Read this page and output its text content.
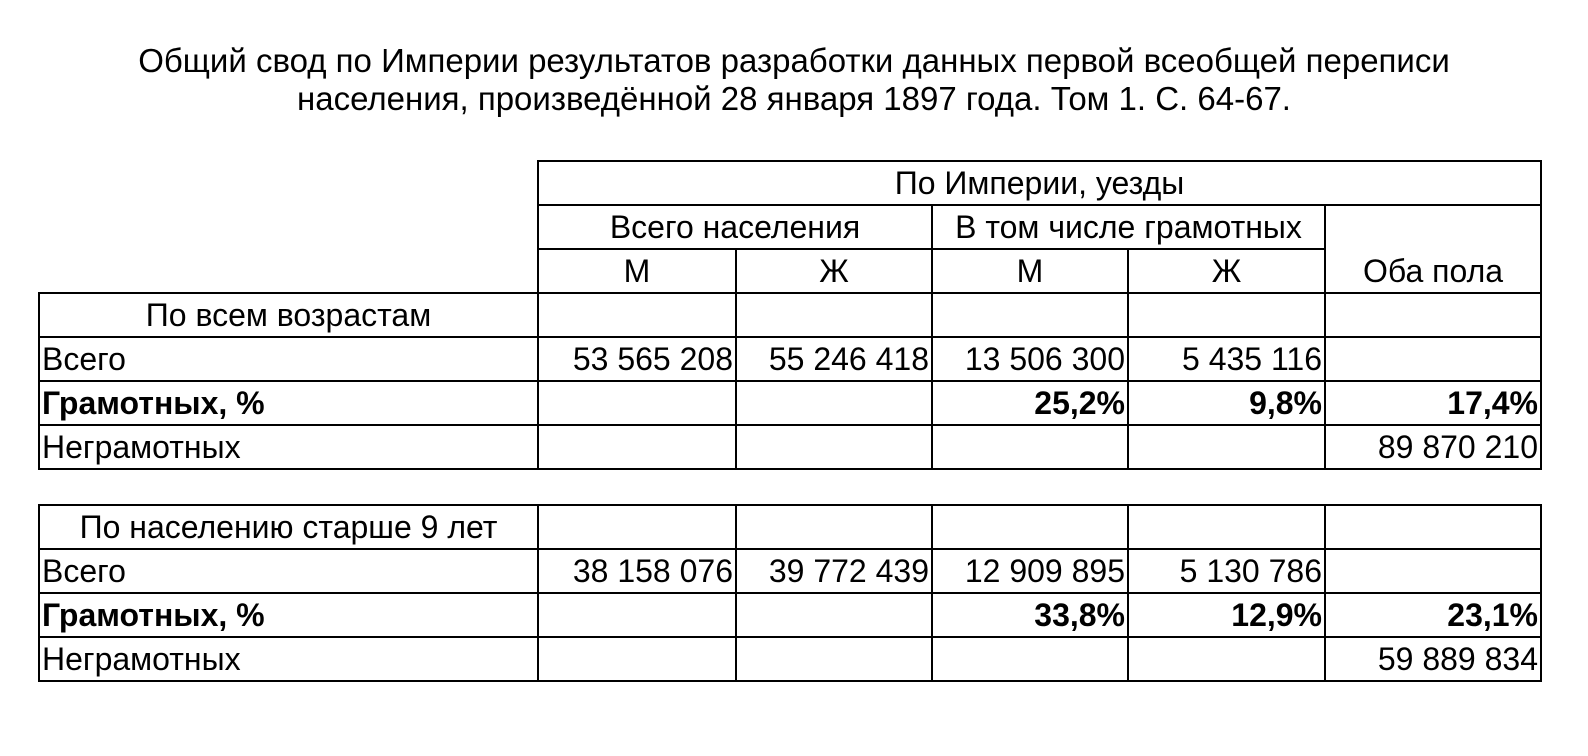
Общий свод по Империи результатов разработки данных первой всеобщей переписи
населения, произведённой 28 января 1897 года. Том 1. С. 64-67.
	По Империи, уезды				
	Всего населения		В том числе грамотных		
	М	Ж	М	Ж	Оба пола
По всем возрастам					
Всего	53 565 208	55 246 418	13 506 300	5 435 116	
Грамотных, %			25,2%	9,8%	17,4%
Неграмотных					89 870 210
По населению старше 9 лет					
Всего	38 158 076	39 772 439	12 909 895	5 130 786	
Грамотных, %			33,8%	12,9%	23,1%
Неграмотных					59 889 834
